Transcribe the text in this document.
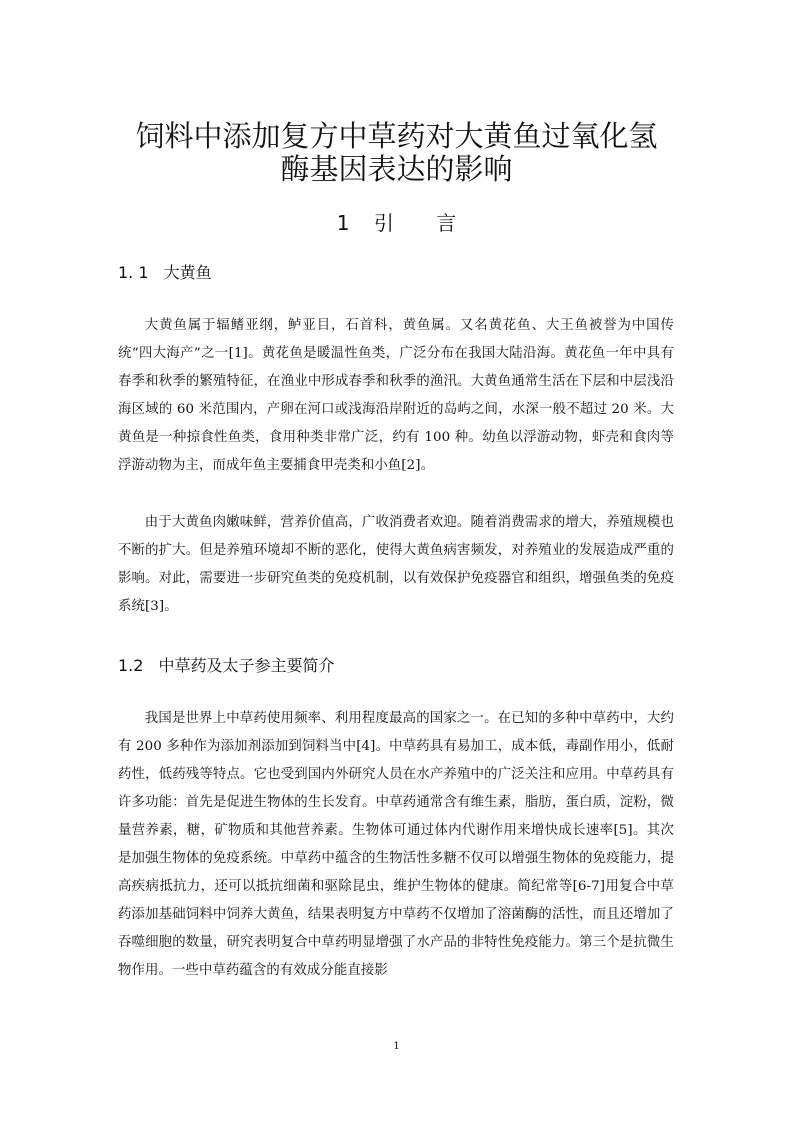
饲料中添加复方中草药对大黄鱼过氧化氢
酶基因表达的影响
1 引 言
1. 1 大黄鱼

大黄鱼属于辐鳍亚纲，鲈亚目，石首科，黄鱼属。又名黄花鱼、大王鱼被誉为中国传统“四大海产”之一[1]。黄花鱼是暖温性鱼类，广泛分布在我国大陆沿海。黄花鱼一年中具有春季和秋季的繁殖特征，在渔业中形成春季和秋季的渔汛。大黄鱼通常生活在下层和中层浅沿海区域的 60 米范围内，产卵在河口或浅海沿岸附近的岛屿之间，水深一般不超过 20 米。大黄鱼是一种掠食性鱼类，食用种类非常广泛，约有 100 种。幼鱼以浮游动物，虾壳和食肉等浮游动物为主，而成年鱼主要捕食甲壳类和小鱼[2]。

由于大黄鱼肉嫩味鲜，营养价值高，广收消费者欢迎。随着消费需求的增大，养殖规模也不断的扩大。但是养殖环境却不断的恶化，使得大黄鱼病害频发，对养殖业的发展造成严重的影响。对此，需要进一步研究鱼类的免疫机制，以有效保护免疫器官和组织，增强鱼类的免疫系统[3]。

1.2 中草药及太子参主要简介

我国是世界上中草药使用频率、利用程度最高的国家之一。在已知的多种中草药中，大约有 200 多种作为添加剂添加到饲料当中[4]。中草药具有易加工，成本低，毒副作用小，低耐药性，低药残等特点。它也受到国内外研究人员在水产养殖中的广泛关注和应用。中草药具有许多功能：首先是促进生物体的生长发育。中草药通常含有维生素，脂肪，蛋白质，淀粉，微量营养素，糖，矿物质和其他营养素。生物体可通过体内代谢作用来增快成长速率[5]。其次是加强生物体的免疫系统。中草药中蕴含的生物活性多糖不仅可以增强生物体的免疫能力，提高疾病抵抗力，还可以抵抗细菌和驱除昆虫，维护生物体的健康。简纪常等[6-7]用复合中草药添加基础饲料中饲养大黄鱼，结果表明复方中草药不仅增加了溶菌酶的活性，而且还增加了吞噬细胞的数量，研究表明复合中草药明显增强了水产品的非特性免疫能力。第三个是抗微生物作用。一些中草药蕴含的有效成分能直接影

1
